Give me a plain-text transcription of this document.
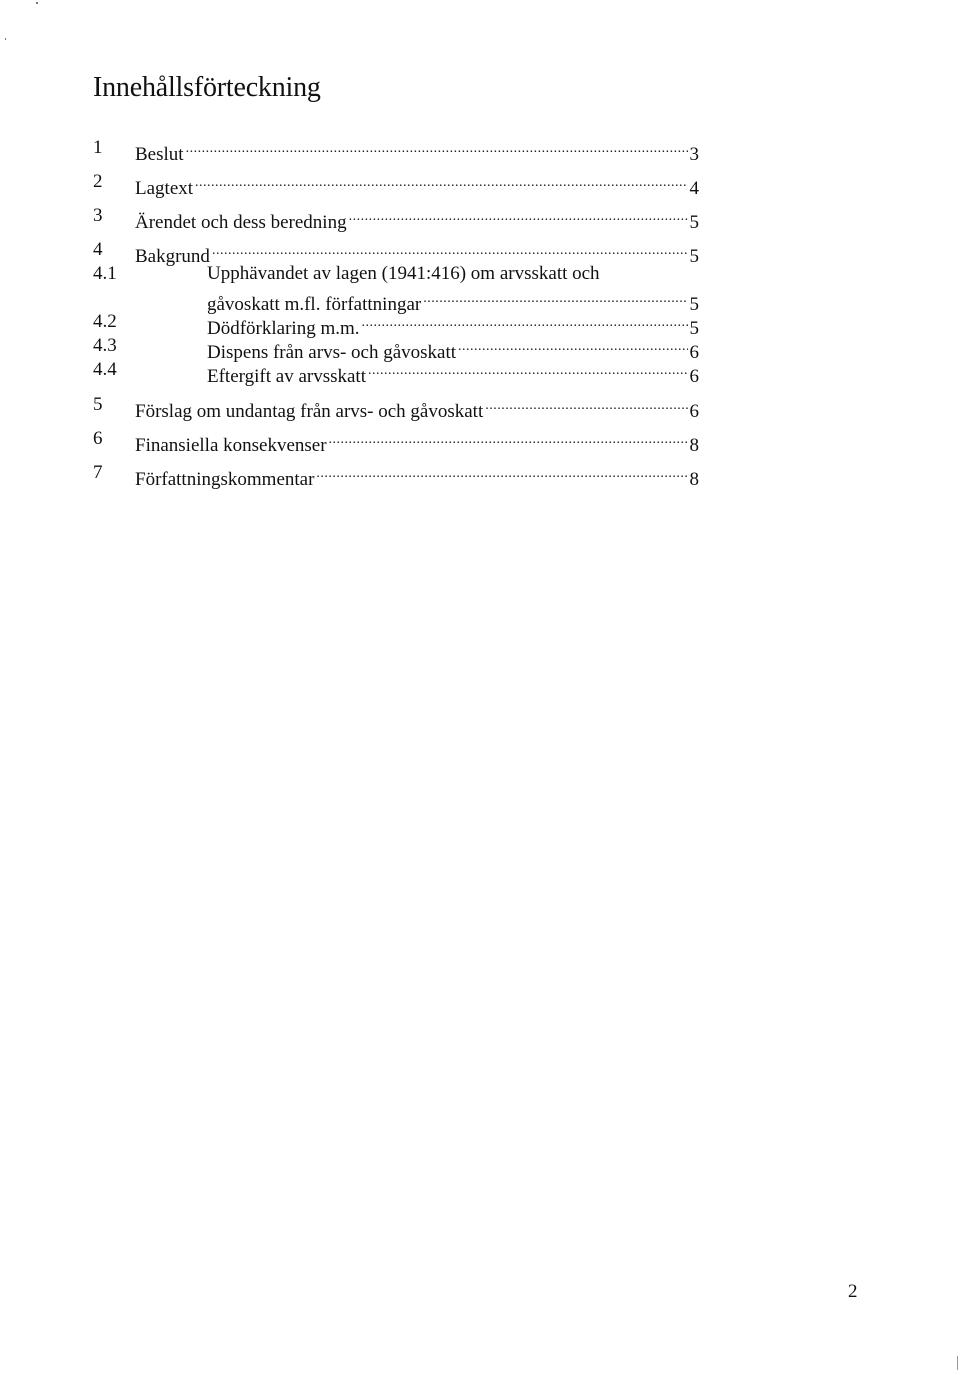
Innehållsförteckning
1 Beslut .....	3
2 Lagtext .....	4
3 Ärendet och dess beredning .....	5
4 Bakgrund .....	5
4.1	Upphävandet av lagen (1941:416) om arvsskatt och
gåvoskatt m.fl. författningar .....	5
4.2	Dödförklaring m.m. .....	5
4.3	Dispens från arvs- och gåvoskatt .....	6
4.4	Eftergift av arvsskatt .....	6
5 Förslag om undantag från arvs- och gåvoskatt .....	6
6 Finansiella konsekvenser .....	8
7 Författningskommentar .....	8
2
